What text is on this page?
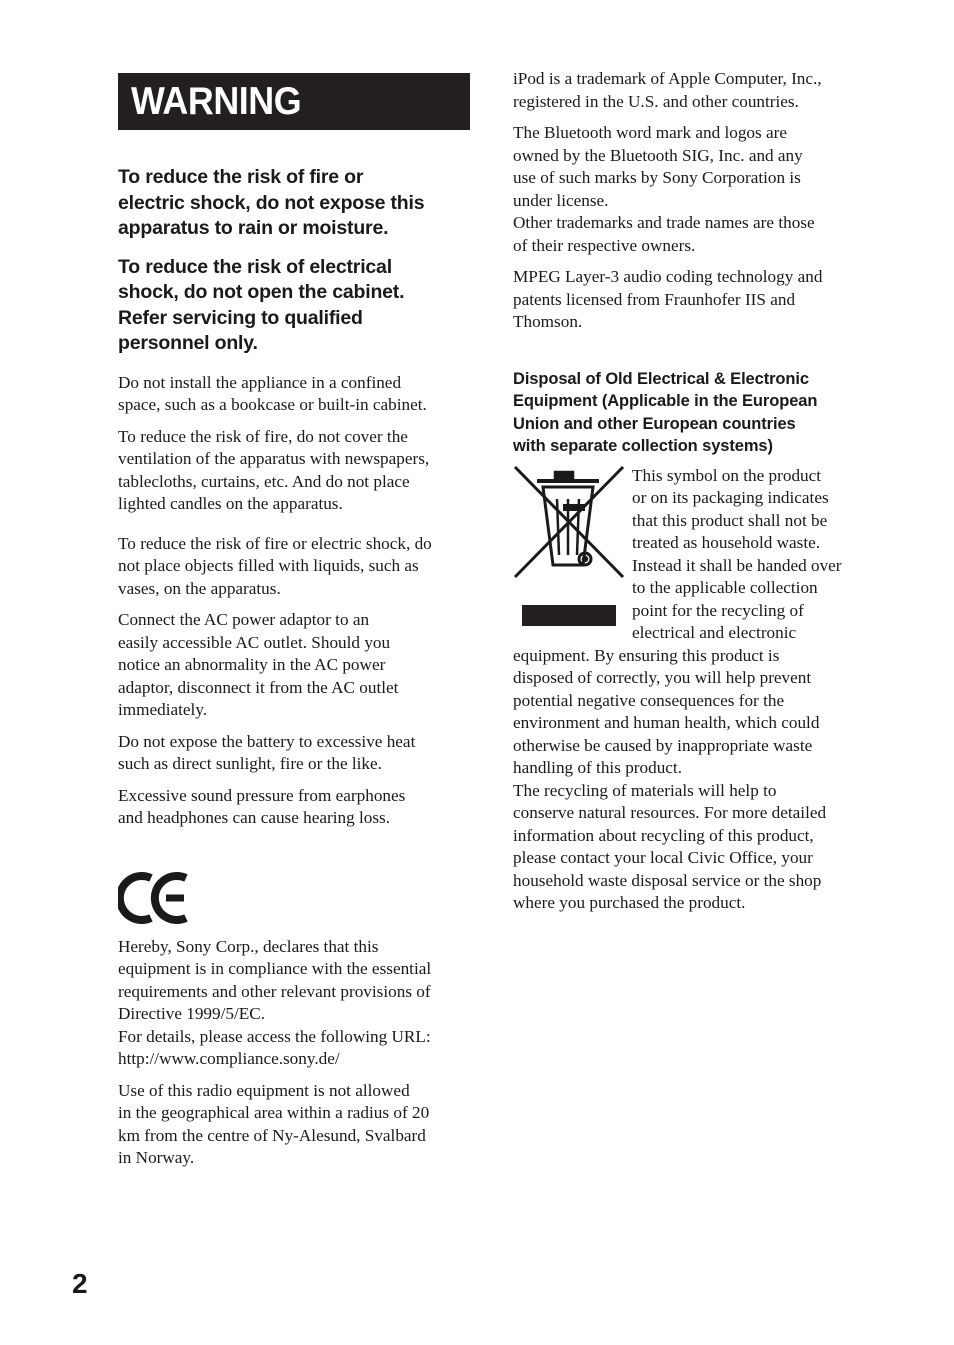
WARNING

To reduce the risk of fire or
electric shock, do not expose this
apparatus to rain or moisture.

To reduce the risk of electrical
shock, do not open the cabinet.
Refer servicing to qualified
personnel only.

Do not install the appliance in a confined
space, such as a bookcase or built-in cabinet.

To reduce the risk of fire, do not cover the
ventilation of the apparatus with newspapers,
tablecloths, curtains, etc. And do not place
lighted candles on the apparatus.

To reduce the risk of fire or electric shock, do
not place objects filled with liquids, such as
vases, on the apparatus.

Connect the AC power adaptor to an
easily accessible AC outlet. Should you
notice an abnormality in the AC power
adaptor, disconnect it from the AC outlet
immediately.

Do not expose the battery to excessive heat
such as direct sunlight, fire or the like.

Excessive sound pressure from earphones
and headphones can cause hearing loss.

Hereby, Sony Corp., declares that this
equipment is in compliance with the essential
requirements and other relevant provisions of
Directive 1999/5/EC.
For details, please access the following URL:
http://www.compliance.sony.de/

Use of this radio equipment is not allowed
in the geographical area within a radius of 20
km from the centre of Ny-Alesund, Svalbard
in Norway.

iPod is a trademark of Apple Computer, Inc.,
registered in the U.S. and other countries.

The Bluetooth word mark and logos are
owned by the Bluetooth SIG, Inc. and any
use of such marks by Sony Corporation is
under license.
Other trademarks and trade names are those
of their respective owners.

MPEG Layer-3 audio coding technology and
patents licensed from Fraunhofer IIS and
Thomson.

Disposal of Old Electrical & Electronic
Equipment (Applicable in the European
Union and other European countries
with separate collection systems)

This symbol on the product
or on its packaging indicates
that this product shall not be
treated as household waste.
Instead it shall be handed over
to the applicable collection
point for the recycling of
electrical and electronic

equipment. By ensuring this product is
disposed of correctly, you will help prevent
potential negative consequences for the
environment and human health, which could
otherwise be caused by inappropriate waste
handling of this product.
The recycling of materials will help to
conserve natural resources. For more detailed
information about recycling of this product,
please contact your local Civic Office, your
household waste disposal service or the shop
where you purchased the product.

2
